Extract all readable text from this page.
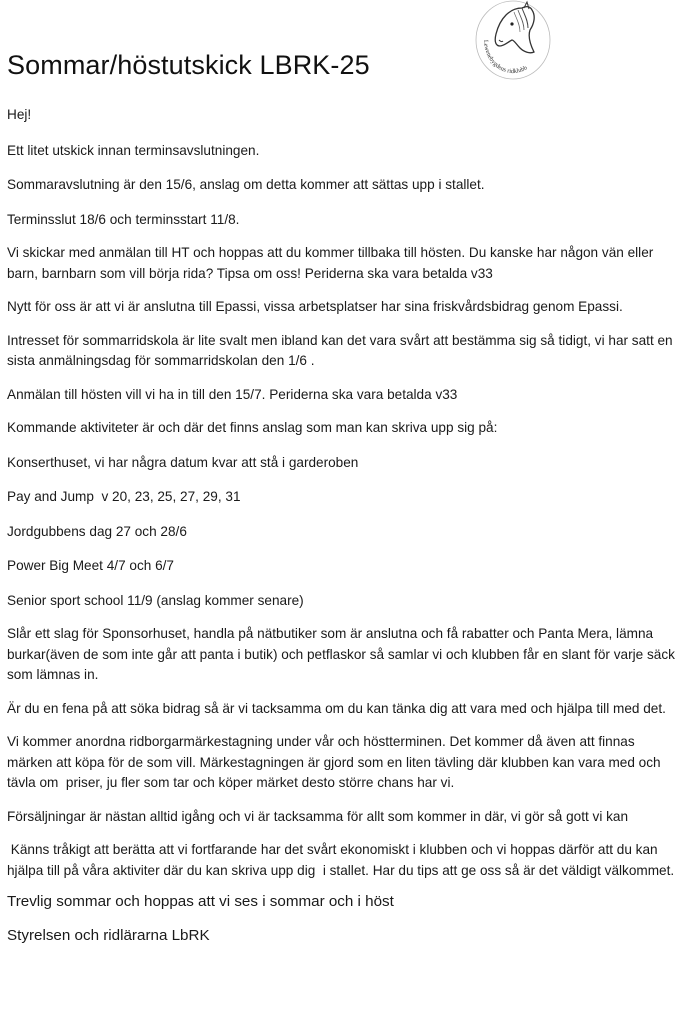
Lewenebygdens ridklubb
Sommar/höstutskick LBRK-25

Hej!

Ett litet utskick innan terminsavslutningen.

Sommaravslutning är den 15/6, anslag om detta kommer att sättas upp i stallet.

Terminsslut 18/6 och terminsstart 11/8.

Vi skickar med anmälan till HT och hoppas att du kommer tillbaka till hösten. Du kanske har någon vän eller barn, barnbarn som vill börja rida? Tipsa om oss! Periderna ska vara betalda v33

Nytt för oss är att vi är anslutna till Epassi, vissa arbetsplatser har sina friskvårdsbidrag genom Epassi.

Intresset för sommarridskola är lite svalt men ibland kan det vara svårt att bestämma sig så tidigt, vi har satt en sista anmälningsdag för sommarridskolan den 1/6 .

Anmälan till hösten vill vi ha in till den 15/7. Periderna ska vara betalda v33

Kommande aktiviteter är och där det finns anslag som man kan skriva upp sig på:

Konserthuset, vi har några datum kvar att stå i garderoben

Pay and Jump  v 20, 23, 25, 27, 29, 31

Jordgubbens dag 27 och 28/6

Power Big Meet 4/7 och 6/7

Senior sport school 11/9 (anslag kommer senare)

Slår ett slag för Sponsorhuset, handla på nätbutiker som är anslutna och få rabatter och Panta Mera, lämna burkar(även de som inte går att panta i butik) och petflaskor så samlar vi och klubben får en slant för varje säck som lämnas in.

Är du en fena på att söka bidrag så är vi tacksamma om du kan tänka dig att vara med och hjälpa till med det.

Vi kommer anordna ridborgarmärkestagning under vår och höstterminen. Det kommer då även att finnas märken att köpa för de som vill. Märkestagningen är gjord som en liten tävling där klubben kan vara med och tävla om  priser, ju fler som tar och köper märket desto större chans har vi.

Försäljningar är nästan alltid igång och vi är tacksamma för allt som kommer in där, vi gör så gott vi kan

Känns tråkigt att berätta att vi fortfarande har det svårt ekonomiskt i klubben och vi hoppas därför att du kan hjälpa till på våra aktiviter där du kan skriva upp dig  i stallet. Har du tips att ge oss så är det väldigt välkommet.

Trevlig sommar och hoppas att vi ses i sommar och i höst

Styrelsen och ridlärarna LbRK
